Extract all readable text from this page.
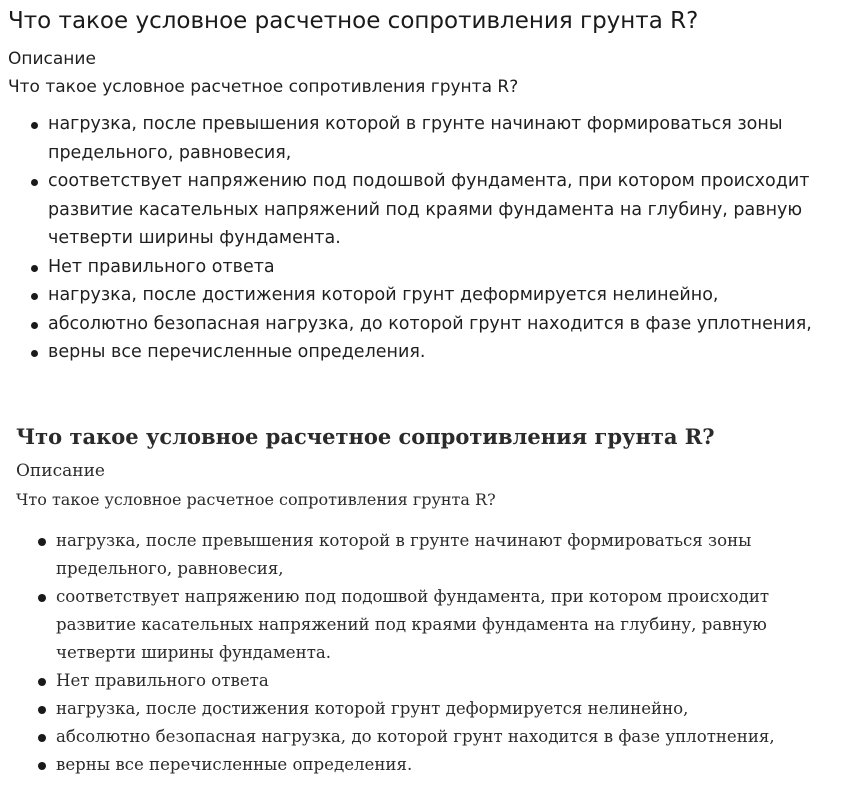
Что такое условное расчетное сопротивления грунта R?
Описание
Что такое условное расчетное сопротивления грунта R?
нагрузка, после превышения которой в грунте начинают формироваться зоны предельного, равновесия,
соответствует напряжению под подошвой фундамента, при котором происходит развитие касательных напряжений под краями фундамента на глубину, равную четверти ширины фундамента.
Нет правильного ответа
нагрузка, после достижения которой грунт деформируется нелинейно,
абсолютно безопасная нагрузка, до которой грунт находится в фазе уплотнения,
верны все перечисленные определения.
Что такое условное расчетное сопротивления грунта R?
Описание
Что такое условное расчетное сопротивления грунта R?
нагрузка, после превышения которой в грунте начинают формироваться зоны предельного, равновесия,
соответствует напряжению под подошвой фундамента, при котором происходит развитие касательных напряжений под краями фундамента на глубину, равную четверти ширины фундамента.
Нет правильного ответа
нагрузка, после достижения которой грунт деформируется нелинейно,
абсолютно безопасная нагрузка, до которой грунт находится в фазе уплотнения,
верны все перечисленные определения.
